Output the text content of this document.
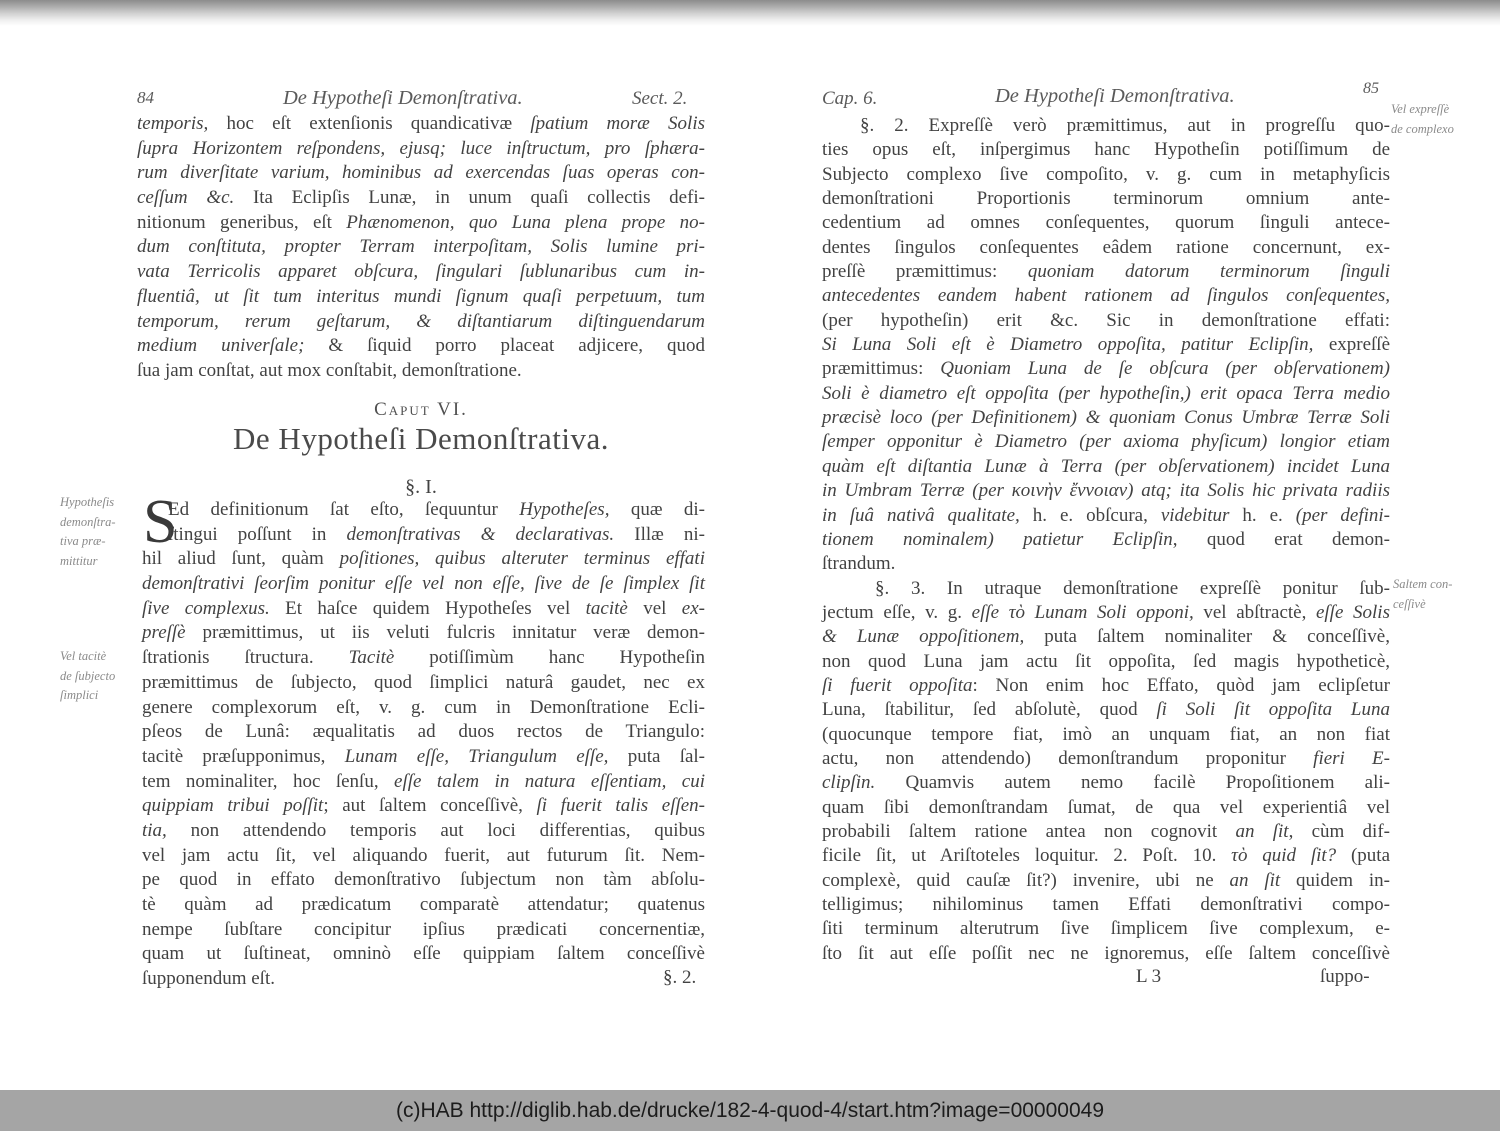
84	De Hypotheſi Demonſtrativa.	Sect. 2.
temporis, hoc eſt extenſionis quandicativæ ſpatium moræ Solis
ſupra Horizontem reſpondens, ejusq; luce inſtructum, pro ſphæra-
rum diverſitate varium, hominibus ad exercendas ſuas operas con-
ceſſum &c. Ita Eclipſis Lunæ, in unum quaſi collectis defi-
nitionum generibus, eſt Phænomenon, quo Luna plena prope no-
dum conſtituta, propter Terram interpoſitam, Solis lumine pri-
vata Terricolis apparet obſcura, ſingulari ſublunaribus cum in-
fluentiâ, ut ſit tum interitus mundi ſignum quaſi perpetuum, tum
temporum, rerum geſtarum, & diſtantiarum diſtinguendarum
medium univerſale; & ſiquid porro placeat adjicere, quod
ſua jam conſtat, aut mox conſtabit, demonſtratione.
Caput VI.
De Hypotheſi Demonſtrativa.
§. I.
S
Ed definitionum ſat eſto, ſequuntur Hypotheſes, quæ di-
ſtingui poſſunt in demonſtrativas & declarativas. Illæ ni-
hil aliud ſunt, quàm poſitiones, quibus alteruter terminus effati
demonſtrativi ſeorſim ponitur eſſe vel non eſſe, ſive de ſe ſimplex ſit
ſive complexus. Et haſce quidem Hypotheſes vel tacitè vel ex-
preſſè præmittimus, ut iis veluti fulcris innitatur veræ demon-
ſtrationis ſtructura. Tacitè potiſſimùm hanc Hypotheſin
præmittimus de ſubjecto, quod ſimplici naturâ gaudet, nec ex
genere complexorum eſt, v. g. cum in Demonſtratione Ecli-
pſeos de Lunâ: æqualitatis ad duos rectos de Triangulo:
tacitè præſupponimus, Lunam eſſe, Triangulum eſſe, puta ſal-
tem nominaliter, hoc ſenſu, eſſe talem in natura eſſentiam, cui
quippiam tribui poſſit; aut ſaltem conceſſivè, ſi fuerit talis eſſen-
tia, non attendendo temporis aut loci differentias, quibus
vel jam actu ſit, vel aliquando fuerit, aut futurum ſit. Nem-
pe quod in effato demonſtrativo ſubjectum non tàm abſolu-
tè quàm ad prædicatum comparatè attendatur; quatenus
nempe ſubſtare concipitur ipſius prædicati concernentiæ,
quam ut ſuſtineat, omninò eſſe quippiam ſaltem conceſſivè
ſupponendum eſt.	§. 2.
Hypotheſis
demonſtra-
tiva præ-
mittitur
Vel tacitè
de ſubjecto
ſimplici
Cap. 6.	De Hypotheſi Demonſtrativa.	85
§. 2. Expreſſè verò præmittimus, aut in progreſſu quo-
ties opus eſt, inſpergimus hanc Hypotheſin potiſſimum de
Subjecto complexo ſive compoſito, v. g. cum in metaphyſicis
demonſtrationi Proportionis terminorum omnium ante-
cedentium ad omnes conſequentes, quorum ſinguli antece-
dentes ſingulos conſequentes eâdem ratione concernunt, ex-
preſſè præmittimus: quoniam datorum terminorum ſinguli
antecedentes eandem habent rationem ad ſingulos conſequentes,
(per hypotheſin) erit &c. Sic in demonſtratione effati:
Si Luna Soli eſt è Diametro oppoſita, patitur Eclipſin, expreſſè
præmittimus: Quoniam Luna de ſe obſcura (per obſervationem)
Soli è diametro eſt oppoſita (per hypotheſin,) erit opaca Terra medio
præcisè loco (per Definitionem) & quoniam Conus Umbræ Terræ Soli
ſemper opponitur è Diametro (per axioma phyſicum) longior etiam
quàm eſt diſtantia Lunæ à Terra (per obſervationem) incidet Luna
in Umbram Terræ (per κοινὴν ἔννοιαν) atq; ita Solis hic privata radiis
in ſuâ nativâ qualitate, h. e. obſcura, videbitur h. e. (per defini-
tionem nominalem) patietur Eclipſin, quod erat demon-
ſtrandum.
§. 3. In utraque demonſtratione expreſſè ponitur ſub-
jectum eſſe, v. g. eſſe τὸ Lunam Soli opponi, vel abſtractè, eſſe Solis
& Lunæ oppoſitionem, puta ſaltem nominaliter & conceſſivè,
non quod Luna jam actu ſit oppoſita, ſed magis hypotheticè,
ſi fuerit oppoſita: Non enim hoc Effato, quòd jam eclipſetur
Luna, ſtabilitur, ſed abſolutè, quod ſi Soli ſit oppoſita Luna
(quocunque tempore fiat, imò an unquam fiat, an non fiat
actu, non attendendo) demonſtrandum proponitur fieri E-
clipſin. Quamvis autem nemo facilè Propoſitionem ali-
quam ſibi demonſtrandam ſumat, de qua vel experientiâ vel
probabili ſaltem ratione antea non cognovit an ſit, cùm dif-
ficile ſit, ut Ariſtoteles loquitur. 2. Poſt. 10. τὸ quid ſit? (puta
complexè, quid cauſæ ſit?) invenire, ubi ne an ſit quidem in-
telligimus; nihilominus tamen Effati demonſtrativi compo-
ſiti terminum alterutrum ſive ſimplicem ſive complexum, e-
ſto ſit aut eſſe poſſit nec ne ignoremus, eſſe ſaltem conceſſivè
L 3	ſuppo-
Vel expreſſè
de complexo
Saltem con-
ceſſivè
(c)HAB http://diglib.hab.de/drucke/182-4-quod-4/start.htm?image=00000049
